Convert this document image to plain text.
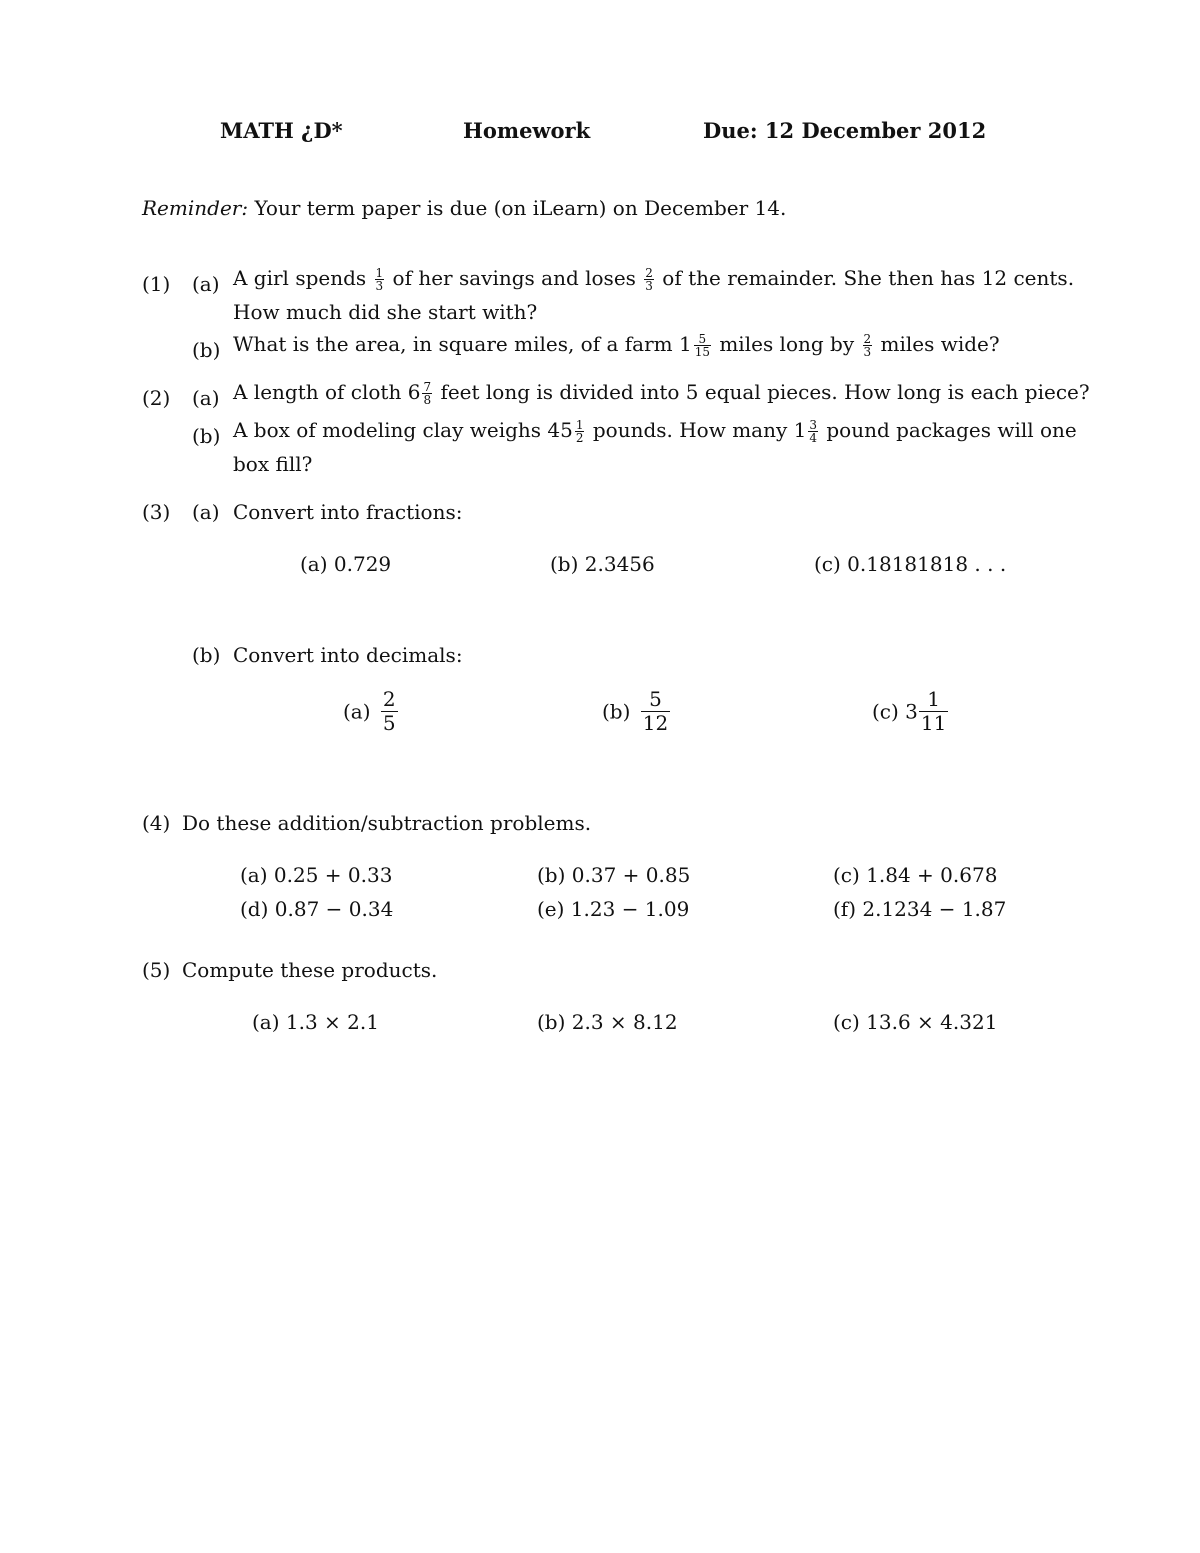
MATH ¿D*	Homework	Due: 12 December 2012
Reminder: Your term paper is due (on iLearn) on December 14.
(1) (a) A girl spends $\frac{1}{3}$ of her savings and loses $\frac{2}{3}$ of the remainder. She then has 12 cents.
How much did she start with?
(b) What is the area, in square miles, of a farm $1 \frac{5}{15}$ miles long by $\frac{2}{3}$ miles wide?
(2) (a) A length of cloth $6 \frac{7}{8}$ feet long is divided into 5 equal pieces. How long is each piece?
(b) A box of modeling clay weighs $45 \frac{1}{2}$ pounds. How many $1 \frac{3}{4}$ pound packages will one
box fill?
(3) (a) Convert into fractions:
(a) 0.729	(b) 2.3456	(c) 0.18181818 . . .
(b) Convert into decimals:
$(a) \frac{2}{5}$	$(b) \frac{5}{12}$	(c) $3 \frac{1}{11}$
(4) Do these addition/subtraction problems.
(a) 0.25 + 0.33	(b) 0.37 + 0.85	(c) 1.84 + 0.678
(d) 0.87 − 0.34	(e) 1.23 − 1.09	(f) 2.1234 − 1.87
(5) Compute these products.
(a) 1.3 × 2.1	(b) 2.3 × 8.12	(c) 13.6 × 4.321
